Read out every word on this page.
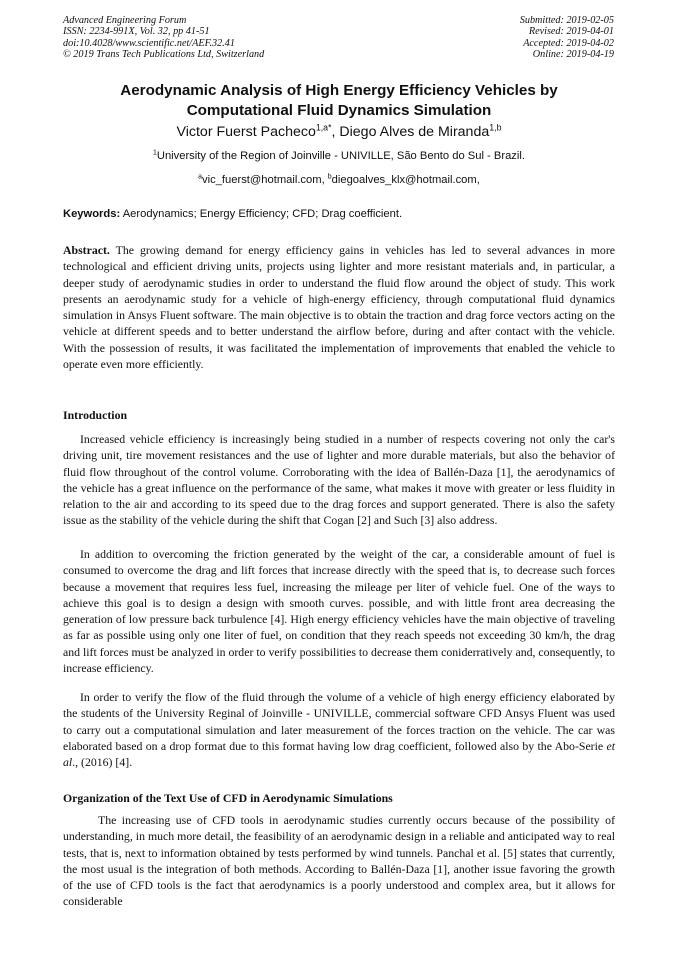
Advanced Engineering Forum
ISSN: 2234-991X, Vol. 32, pp 41-51
doi:10.4028/www.scientific.net/AEF.32.41
© 2019 Trans Tech Publications Ltd, Switzerland
Submitted: 2019-02-05
Revised: 2019-04-01
Accepted: 2019-04-02
Online: 2019-04-19
Aerodynamic Analysis of High Energy Efficiency Vehicles by
Computational Fluid Dynamics Simulation
Victor Fuerst Pacheco$^{1,a*}$, Diego Alves de Miranda$^{1,b}$
$^1$University of the Region of Joinville - UNIVILLE, São Bento do Sul - Brazil.
$^a$vic_fuerst@hotmail.com, $^b$diegoalves_klx@hotmail.com,
Keywords: Aerodynamics; Energy Efficiency; CFD; Drag coefficient.
Abstract. The growing demand for energy efficiency gains in vehicles has led to several advances in more technological and efficient driving units, projects using lighter and more resistant materials and, in particular, a deeper study of aerodynamic studies in order to understand the fluid flow around the object of study. This work presents an aerodynamic study for a vehicle of high-energy efficiency, through computational fluid dynamics simulation in Ansys Fluent software. The main objective is to obtain the traction and drag force vectors acting on the vehicle at different speeds and to better understand the airflow before, during and after contact with the vehicle. With the possession of results, it was facilitated the implementation of improvements that enabled the vehicle to operate even more efficiently.
Introduction
Increased vehicle efficiency is increasingly being studied in a number of respects covering not only the car's driving unit, tire movement resistances and the use of lighter and more durable materials, but also the behavior of fluid flow throughout of the control volume. Corroborating with the idea of Ballén-Daza [1], the aerodynamics of the vehicle has a great influence on the performance of the same, what makes it move with greater or less fluidity in relation to the air and according to its speed due to the drag forces and support generated. There is also the safety issue as the stability of the vehicle during the shift that Cogan [2] and Such [3] also address.
In addition to overcoming the friction generated by the weight of the car, a considerable amount of fuel is consumed to overcome the drag and lift forces that increase directly with the speed that is, to decrease such forces because a movement that requires less fuel, increasing the mileage per liter of vehicle fuel. One of the ways to achieve this goal is to design a design with smooth curves. possible, and with little front area decreasing the generation of low pressure back turbulence [4]. High energy efficiency vehicles have the main objective of traveling as far as possible using only one liter of fuel, on condition that they reach speeds not exceeding 30 km/h, the drag and lift forces must be analyzed in order to verify possibilities to decrease them coniderratively and, consequently, to increase efficiency.
In order to verify the flow of the fluid through the volume of a vehicle of high energy efficiency elaborated by the students of the University Reginal of Joinville - UNIVILLE, commercial software CFD Ansys Fluent was used to carry out a computational simulation and later measurement of the forces traction on the vehicle. The car was elaborated based on a drop format due to this format having low drag coefficient, followed also by the Abo-Serie et al., (2016) [4].
Organization of the Text Use of CFD in Aerodynamic Simulations
The increasing use of CFD tools in aerodynamic studies currently occurs because of the possibility of understanding, in much more detail, the feasibility of an aerodynamic design in a reliable and anticipated way to real tests, that is, next to information obtained by tests performed by wind tunnels. Panchal et al. [5] states that currently, the most usual is the integration of both methods. According to Ballén-Daza [1], another issue favoring the growth of the use of CFD tools is the fact that aerodynamics is a poorly understood and complex area, but it allows for considerable
